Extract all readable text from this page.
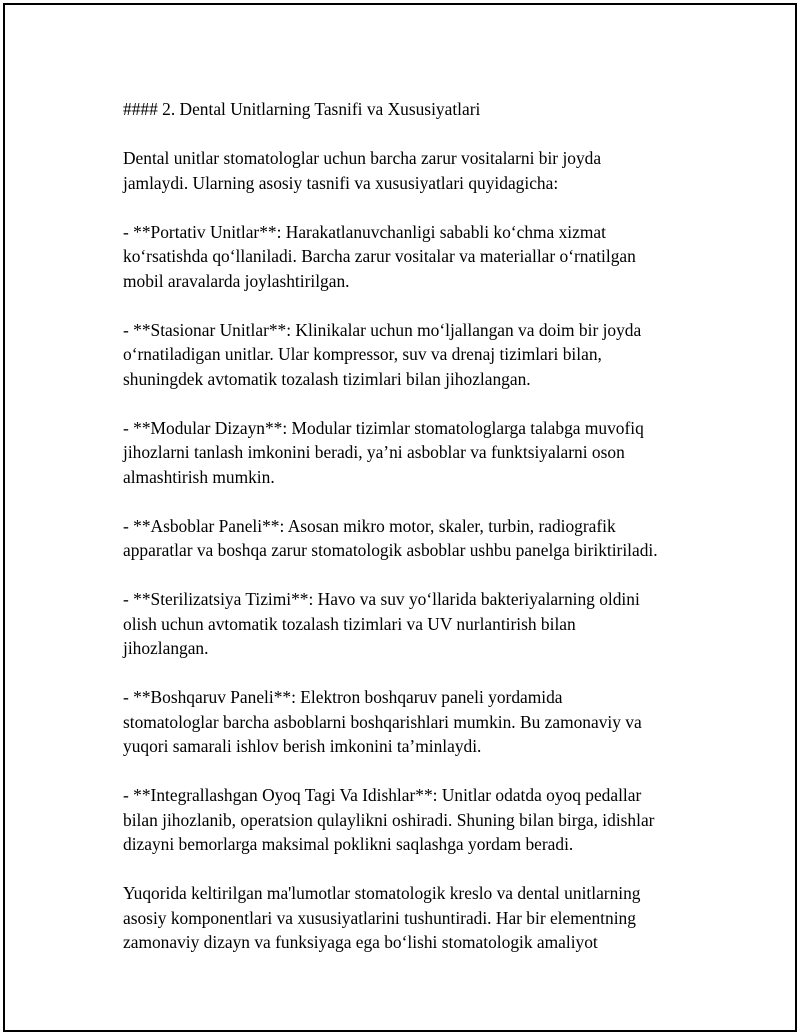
#### 2. Dental Unitlarning Tasnifi va Xususiyatlari

Dental unitlar stomatologlar uchun barcha zarur vositalarni bir joyda
jamlaydi. Ularning asosiy tasnifi va xususiyatlari quyidagicha:

- **Portativ Unitlar**: Harakatlanuvchanligi sababli ko‘chma xizmat
ko‘rsatishda qo‘llaniladi. Barcha zarur vositalar va materiallar o‘rnatilgan
mobil aravalarda joylashtirilgan.

- **Stasionar Unitlar**: Klinikalar uchun mo‘ljallangan va doim bir joyda
o‘rnatiladigan unitlar. Ular kompressor, suv va drenaj tizimlari bilan,
shuningdek avtomatik tozalash tizimlari bilan jihozlangan.

- **Modular Dizayn**: Modular tizimlar stomatologlarga talabga muvofiq
jihozlarni tanlash imkonini beradi, ya’ni asboblar va funktsiyalarni oson
almashtirish mumkin.

- **Asboblar Paneli**: Asosan mikro motor, skaler, turbin, radiografik
apparatlar va boshqa zarur stomatologik asboblar ushbu panelga biriktiriladi.

- **Sterilizatsiya Tizimi**: Havo va suv yo‘llarida bakteriyalarning oldini
olish uchun avtomatik tozalash tizimlari va UV nurlantirish bilan
jihozlangan.

- **Boshqaruv Paneli**: Elektron boshqaruv paneli yordamida
stomatologlar barcha asboblarni boshqarishlari mumkin. Bu zamonaviy va
yuqori samarali ishlov berish imkonini ta’minlaydi.

- **Integrallashgan Oyoq Tagi Va Idishlar**: Unitlar odatda oyoq pedallar
bilan jihozlanib, operatsion qulaylikni oshiradi. Shuning bilan birga, idishlar
dizayni bemorlarga maksimal poklikni saqlashga yordam beradi.

Yuqorida keltirilgan ma'lumotlar stomatologik kreslo va dental unitlarning
asosiy komponentlari va xususiyatlarini tushuntiradi. Har bir elementning
zamonaviy dizayn va funksiyaga ega bo‘lishi stomatologik amaliyot
